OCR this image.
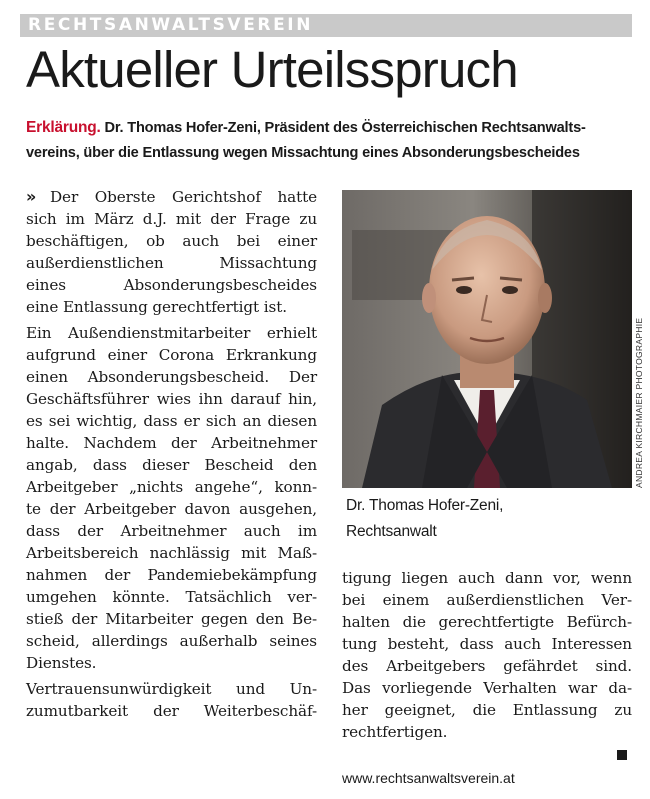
RECHTSANWALTSVEREIN
Aktueller Urteilsspruch
Erklärung. Dr. Thomas Hofer-Zeni, Präsident des Österreichischen Rechtsanwalts-
vereins, über die Entlassung wegen Missachtung eines Absonderungsbescheides
» Der Oberste Gerichtshof hatte
sich im März d.J. mit der Frage zu
beschäftigen, ob auch bei einer
außerdienstlichen Missachtung
eines Absonderungsbescheides
eine Entlassung gerechtfertigt ist.
Ein Außendienstmitarbeiter erhielt
aufgrund einer Corona Erkrankung
einen Absonderungsbescheid. Der
Geschäftsführer wies ihn darauf hin,
es sei wichtig, dass er sich an diesen
halte. Nachdem der Arbeitnehmer
angab, dass dieser Bescheid den
Arbeitgeber „nichts angehe“, konn-
te der Arbeitgeber davon ausgehen,
dass der Arbeitnehmer auch im
Arbeitsbereich nachlässig mit Maß-
nahmen der Pandemiebekämpfung
umgehen könnte. Tatsächlich ver-
stieß der Mitarbeiter gegen den Be-
scheid, allerdings außerhalb seines
Dienstes.
Vertrauensunwürdigkeit und Un-
zumutbarkeit der Weiterbeschäf-
ANDREA KIRCHMAIER PHOTOGRAPHIE
Dr. Thomas Hofer-Zeni,
Rechtsanwalt
tigung liegen auch dann vor, wenn
bei einem außerdienstlichen Ver-
halten die gerechtfertigte Befürch-
tung besteht, dass auch Interessen
des Arbeitgebers gefährdet sind.
Das vorliegende Verhalten war da-
her geeignet, die Entlassung zu
rechtfertigen.
www.rechtsanwaltsverein.at
